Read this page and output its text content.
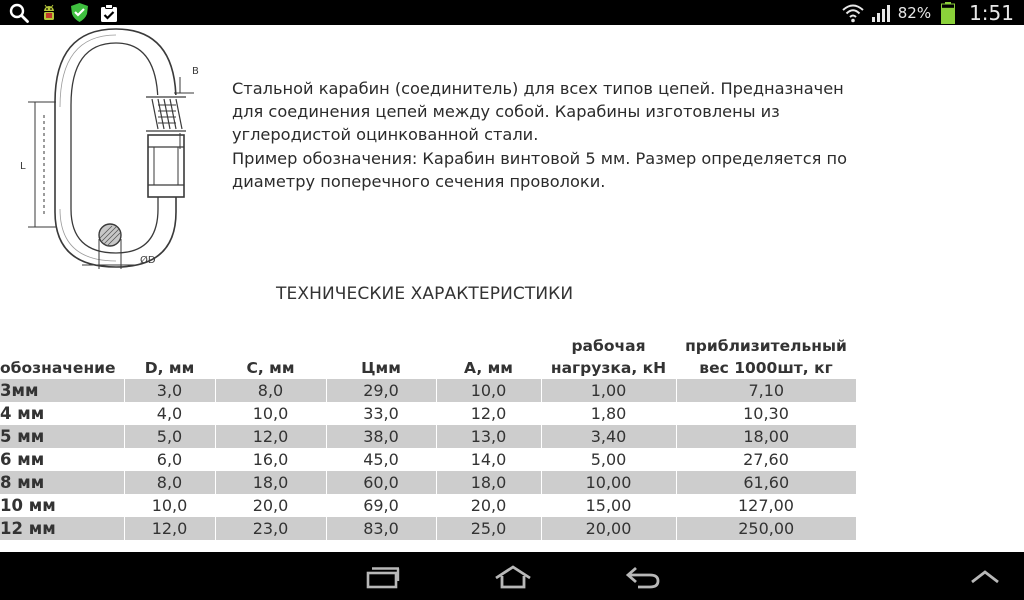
82% 1:51
B
L
ØD

Стальной карабин (соединитель) для всех типов цепей. Предназначен для соединения цепей между собой. Карабины изготовлены из углеродистой оцинкованной стали.

Пример обозначения: Карабин винтовой 5 мм. Размер определяется по диаметру поперечного сечения проволоки.

ТЕХНИЧЕСКИЕ ХАРАКТЕРИСТИКИ
обозначение	D, мм	C, мм	Цмм	A, мм	рабочая нагрузка, кН	приблизительный вес 1000шт, кг
3мм	3,0	8,0	29,0	10,0	1,00	7,10
4 мм	4,0	10,0	33,0	12,0	1,80	10,30
5 мм	5,0	12,0	38,0	13,0	3,40	18,00
6 мм	6,0	16,0	45,0	14,0	5,00	27,60
8 мм	8,0	18,0	60,0	18,0	10,00	61,60
10 мм	10,0	20,0	69,0	20,0	15,00	127,00
12 мм	12,0	23,0	83,0	25,0	20,00	250,00
